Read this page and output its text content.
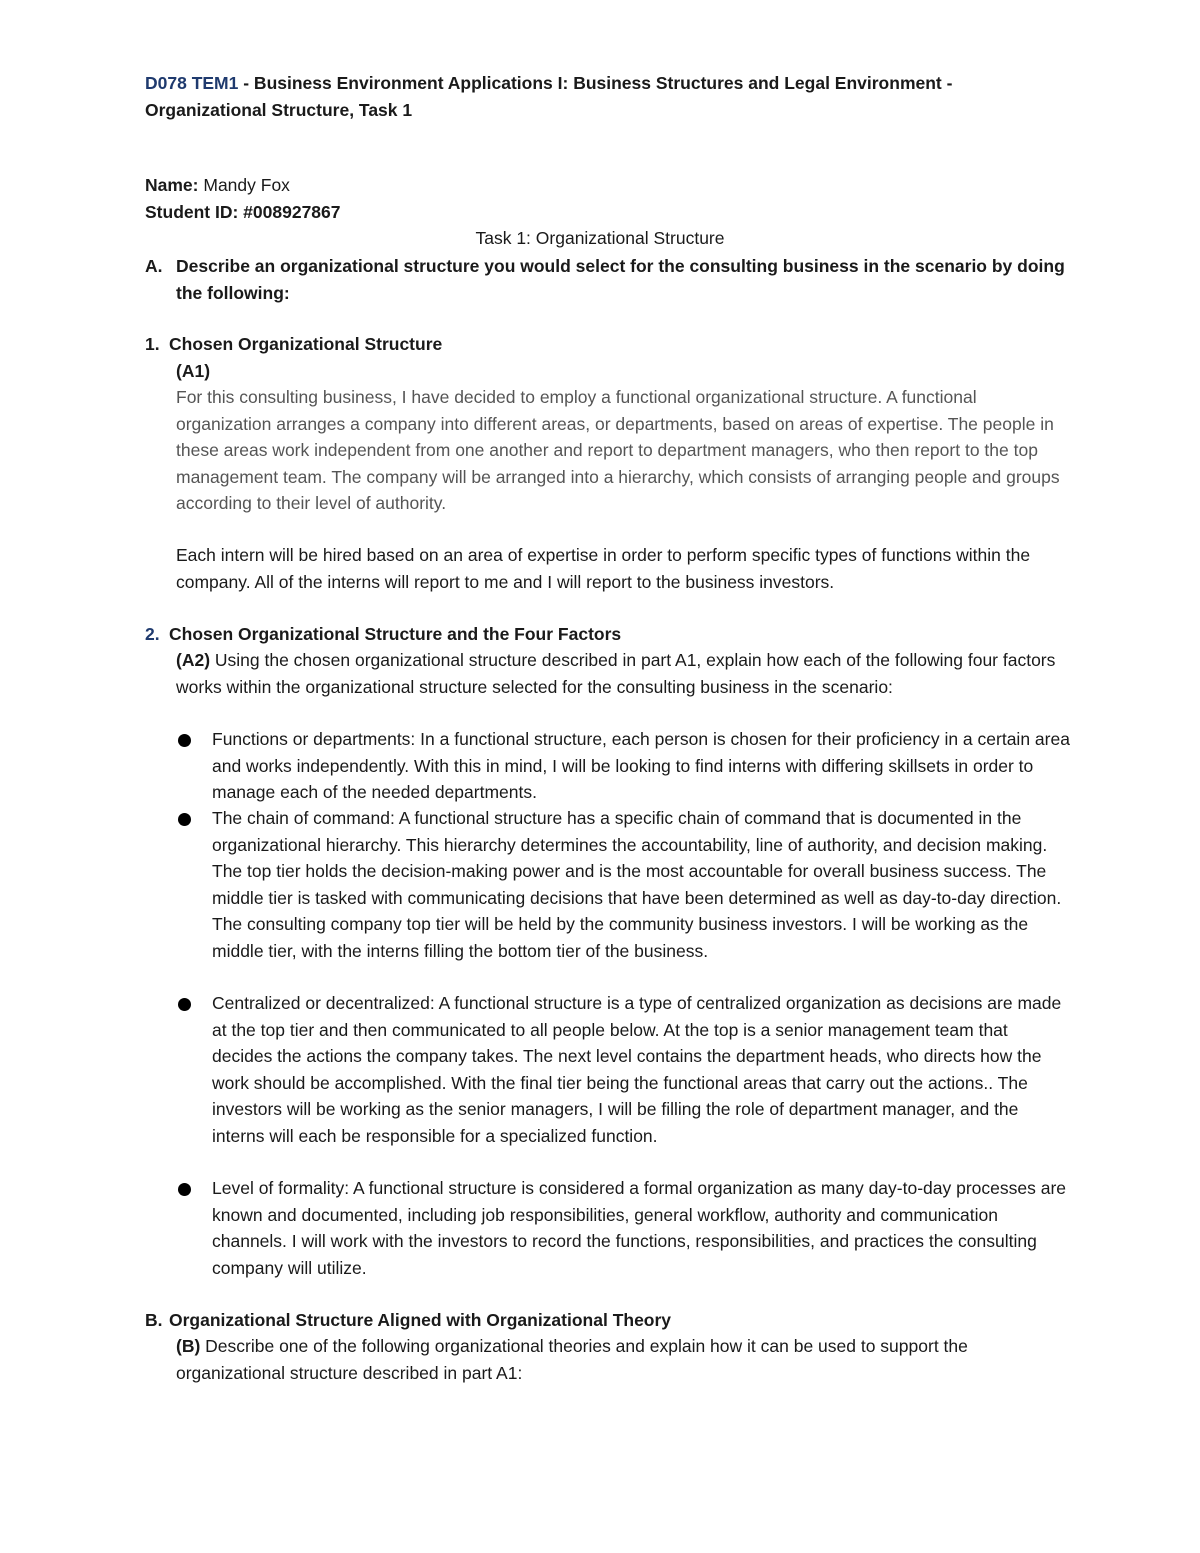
D078 TEM1 - Business Environment Applications I: Business Structures and Legal Environment - Organizational Structure, Task 1

Name: Mandy Fox

Student ID: #008927867

Task 1: Organizational Structure

A. Describe an organizational structure you would select for the consulting business in the scenario by doing the following:

1. Chosen Organizational Structure

(A1)

For this consulting business, I have decided to employ a functional organizational structure. A functional organization arranges a company into different areas, or departments, based on areas of expertise. The people in these areas work independent from one another and report to department managers, who then report to the top management team. The company will be arranged into a hierarchy, which consists of arranging people and groups according to their level of authority.

Each intern will be hired based on an area of expertise in order to perform specific types of functions within the company. All of the interns will report to me and I will report to the business investors.

2. Chosen Organizational Structure and the Four Factors

(A2) Using the chosen organizational structure described in part A1, explain how each of the following four factors works within the organizational structure selected for the consulting business in the scenario:

Functions or departments: In a functional structure, each person is chosen for their proficiency in a certain area and works independently. With this in mind, I will be looking to find interns with differing skillsets in order to manage each of the needed departments.

The chain of command: A functional structure has a specific chain of command that is documented in the organizational hierarchy. This hierarchy determines the accountability, line of authority, and decision making. The top tier holds the decision-making power and is the most accountable for overall business success. The middle tier is tasked with communicating decisions that have been determined as well as day-to-day direction. The consulting company top tier will be held by the community business investors. I will be working as the middle tier, with the interns filling the bottom tier of the business.

Centralized or decentralized: A functional structure is a type of centralized organization as decisions are made at the top tier and then communicated to all people below. At the top is a senior management team that decides the actions the company takes. The next level contains the department heads, who directs how the work should be accomplished. With the final tier being the functional areas that carry out the actions.. The investors will be working as the senior managers, I will be filling the role of department manager, and the interns will each be responsible for a specialized function.

Level of formality: A functional structure is considered a formal organization as many day-to-day processes are known and documented, including job responsibilities, general workflow, authority and communication channels. I will work with the investors to record the functions, responsibilities, and practices the consulting company will utilize.

B. Organizational Structure Aligned with Organizational Theory

(B) Describe one of the following organizational theories and explain how it can be used to support the organizational structure described in part A1:
